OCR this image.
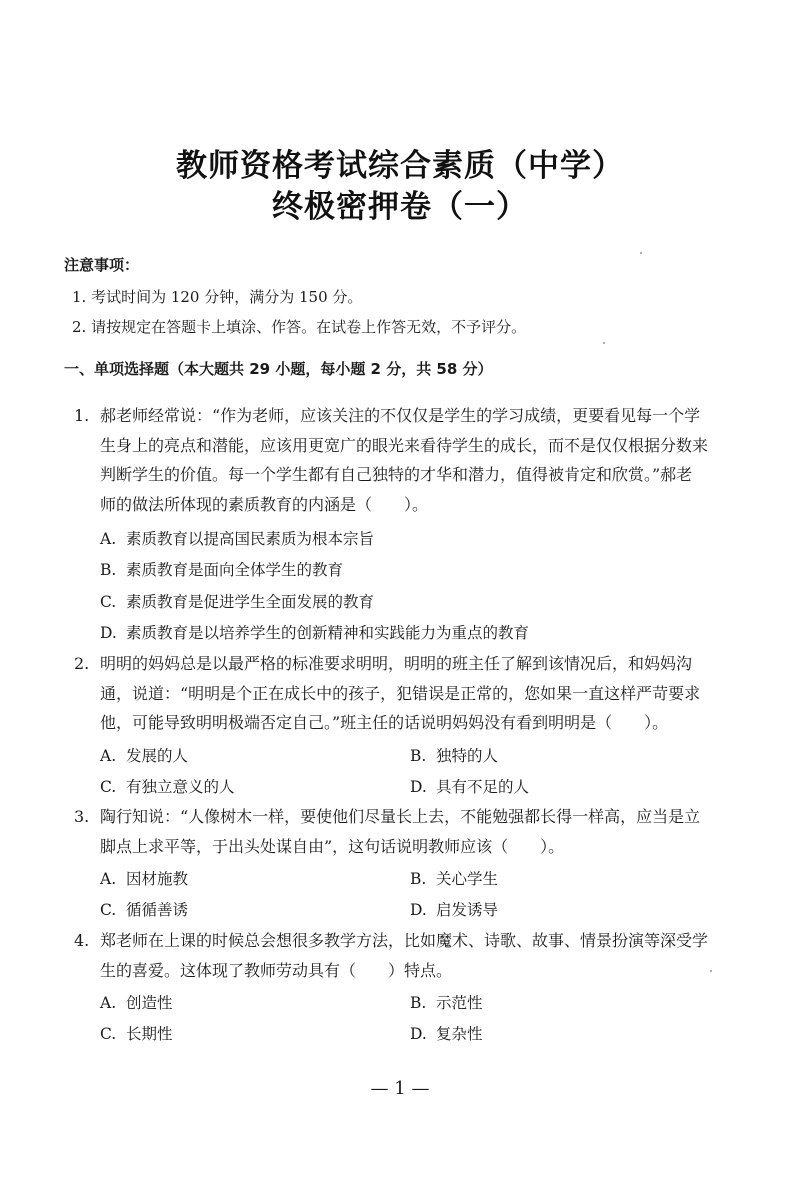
教师资格考试综合素质（中学）
终极密押卷（一）
注意事项：
1. 考试时间为 120 分钟，满分为 150 分。
2. 请按规定在答题卡上填涂、作答。在试卷上作答无效，不予评分。
一、单项选择题（本大题共 29 小题，每小题 2 分，共 58 分）
1. 郝老师经常说：“作为老师，应该关注的不仅仅是学生的学习成绩，更要看见每一个学
生身上的亮点和潜能，应该用更宽广的眼光来看待学生的成长，而不是仅仅根据分数来
判断学生的价值。每一个学生都有自己独特的才华和潜力，值得被肯定和欣赏。”郝老
师的做法所体现的素质教育的内涵是（　　）。
A. 素质教育以提高国民素质为根本宗旨
B. 素质教育是面向全体学生的教育
C. 素质教育是促进学生全面发展的教育
D. 素质教育是以培养学生的创新精神和实践能力为重点的教育
2. 明明的妈妈总是以最严格的标准要求明明，明明的班主任了解到该情况后，和妈妈沟
通，说道：“明明是个正在成长中的孩子，犯错误是正常的，您如果一直这样严苛要求
他，可能导致明明极端否定自己。”班主任的话说明妈妈没有看到明明是（　　）。
A. 发展的人	B. 独特的人
C. 有独立意义的人	D. 具有不足的人
3. 陶行知说：“人像树木一样，要使他们尽量长上去，不能勉强都长得一样高，应当是立
脚点上求平等，于出头处谋自由”，这句话说明教师应该（　　）。
A. 因材施教	B. 关心学生
C. 循循善诱	D. 启发诱导
4. 郑老师在上课的时候总会想很多教学方法，比如魔术、诗歌、故事、情景扮演等深受学
生的喜爱。这体现了教师劳动具有（　　）特点。
A. 创造性	B. 示范性
C. 长期性	D. 复杂性
— 1 —
